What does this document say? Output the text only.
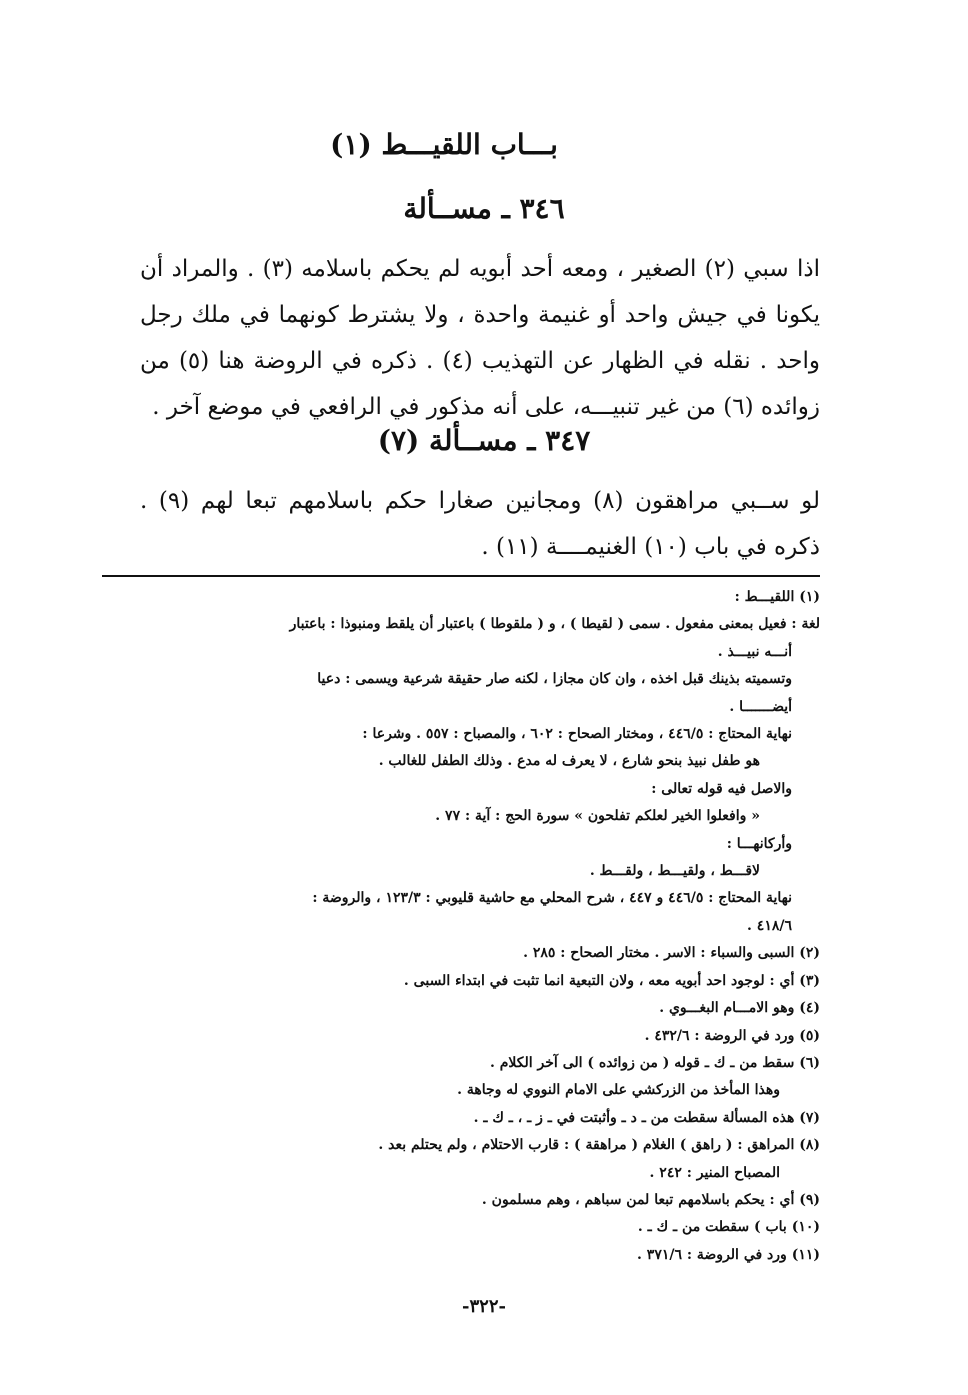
بـــاب اللقيـــط (١)
٣٤٦ ـ مســألة
اذا سبي (٢) الصغير ، ومعه أحد أبويه لم يحكم باسلامه (٣) . والمراد أن يكونا في جيش واحد أو غنيمة واحدة ، ولا يشترط كونهما في ملك رجل واحد . نقله في الظهار عن التهذيب (٤) . ذكره في الروضة هنا (٥) من زوائده (٦) من غير تنبيـــه، على أنه مذكور في الرافعي في موضع آخر .
٣٤٧ ـ مســألة (٧)
لو ســبي مراهقون (٨) ومجانين صغارا حكم باسلامهم تبعا لهم (٩) . ذكره في باب (١٠) الغنيمــــة (١١) .
(١) اللقيـــط :
لغة : فعيل بمعنى مفعول . سمى ( لقيطا ) ، و ( ملقوطا ) باعتبار أن يلقط ومنبوذا : باعتبار
أنـــه نبيـــذ .
وتسميته بذينك قبل اخذه ، وان كان مجازا ، لكنه صار حقيقة شرعية ويسمى : دعيا
أيضـــــــا .
نهاية المحتاج : ٤٤٦/٥ ، ومختار الصحاح : ٦٠٢ ، والمصباح : ٥٥٧ . وشرعا :
هو طفل نبيذ بنحو شارع ، لا يعرف له مدع . وذلك الطفل للغالب .
والاصل فيه قوله تعالى :
« وافعلوا الخير لعلكم تفلحون » سورة الحج : آية : ٧٧ .
وأركانهـــا :
لاقـــط ، ولقيـــط ، ولقـــط .
نهاية المحتاج : ٤٤٦/٥ و ٤٤٧ ، شرح المحلي مع حاشية قليوبي : ١٢٣/٣ ، والروضة :
٤١٨/٦ .
(٢) السبى والسباء : الاسر . مختار الصحاح : ٢٨٥ .
(٣) أي : لوجود احد أبويه معه ، ولان التبعية انما تثبت في ابتداء السبى .
(٤) وهو الامـــام البغـــوي .
(٥) ورد في الروضة : ٤٣٢/٦ .
(٦) سقط من ـ ك ـ قوله ( من زوائده ) الى آخر الكلام .
وهذا المأخذ من الزركشي على الامام النووي له وجاهة .
(٧) هذه المسألة سقطت من ـ د ـ وأثبتت في ـ ز ـ ، ـ ك ـ .
(٨) المراهق : ( راهق ) الغلام ( مراهقة ) : قارب الاحتلام ، ولم يحتلم بعد .
المصباح المنير : ٢٤٢ .
(٩) أي : يحكم باسلامهم تبعا لمن سباهم ، وهم مسلمون .
(١٠) باب ) سقطت من ـ ك ـ .
(١١) ورد في الروضة : ٣٧١/٦ .
-٣٢٢-
